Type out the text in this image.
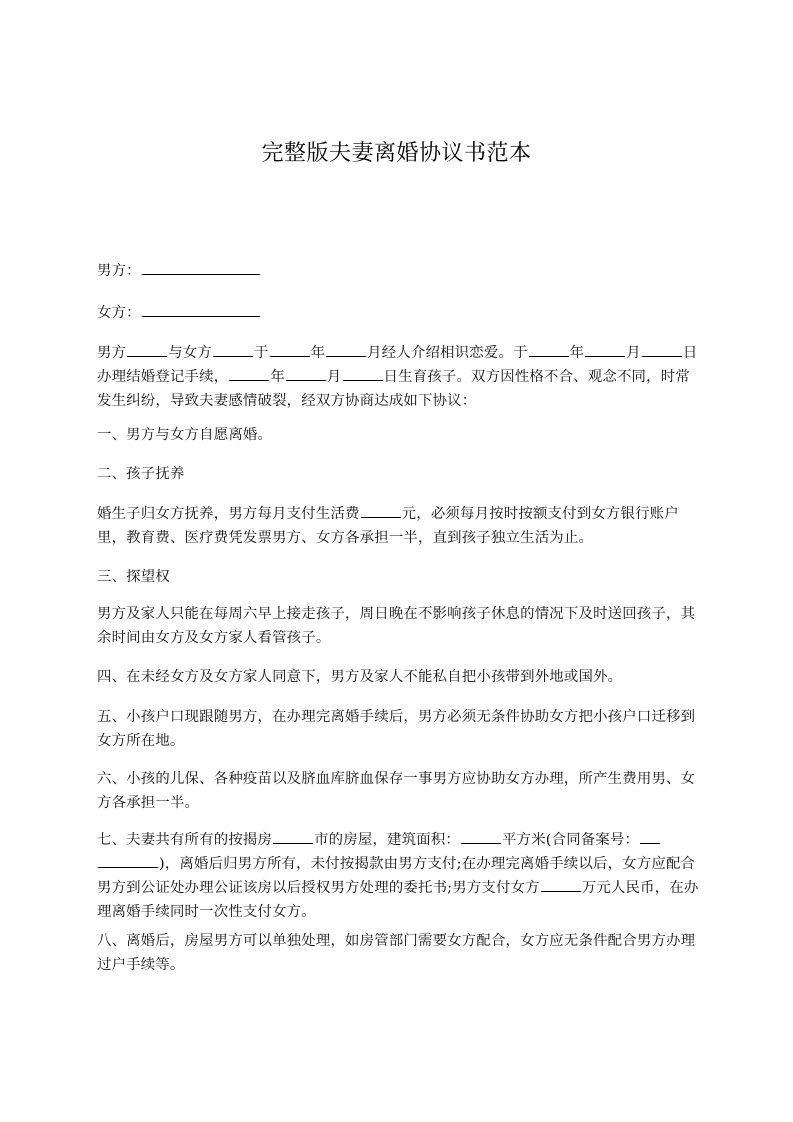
完整版夫妻离婚协议书范本

男方：

女方：

男方	与女方	于	年	月经人介绍相识恋爱。于	年	月	日办理结婚登记手续，	年	月	日生育孩子。双方因性格不合、观念不同，时常发生纠纷，导致夫妻感情破裂，经双方协商达成如下协议：

一、男方与女方自愿离婚。

二、孩子抚养

婚生子归女方抚养，男方每月支付生活费	元，必须每月按时按额支付到女方银行账户里，教育费、医疗费凭发票男方、女方各承担一半，直到孩子独立生活为止。

三、探望权

男方及家人只能在每周六早上接走孩子，周日晚在不影响孩子休息的情况下及时送回孩子，其余时间由女方及女方家人看管孩子。

四、在未经女方及女方家人同意下，男方及家人不能私自把小孩带到外地或国外。

五、小孩户口现跟随男方，在办理完离婚手续后，男方必须无条件协助女方把小孩户口迁移到女方所在地。

六、小孩的儿保、各种疫苗以及脐血库脐血保存一事男方应协助女方办理，所产生费用男、女方各承担一半。

七、夫妻共有所有的按揭房	市的房屋，建筑面积：	平方米(合同备案号：)，离婚后归男方所有，未付按揭款由男方支付;在办理完离婚手续以后，女方应配合男方到公证处办理公证该房以后授权男方处理的委托书;男方支付女方	万元人民币，在办理离婚手续同时一次性支付女方。

八、离婚后，房屋男方可以单独处理，如房管部门需要女方配合，女方应无条件配合男方办理过户手续等。
